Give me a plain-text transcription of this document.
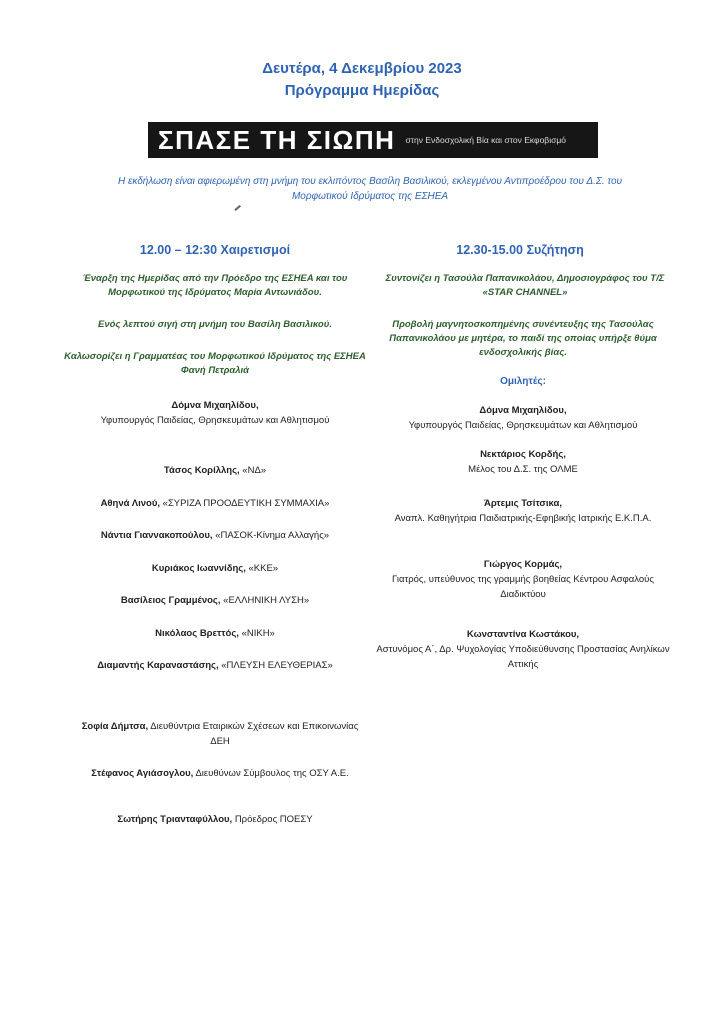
Δευτέρα, 4 Δεκεμβρίου 2023
Πρόγραμμα Ημερίδας
ΣΠΑΣΕ ΤΗ ΣΙΩΠΗ στην Ενδοσχολική Βία και στον Εκφοβισμό
Η εκδήλωση είναι αφιερωμένη στη μνήμη του εκλιπόντος Βασίλη Βασιλικού, εκλεγμένου Αντιπροέδρου του Δ.Σ. του Μορφωτικού Ιδρύματος της ΕΣΗΕΑ
12.00 – 12:30 Χαιρετισμοί	12.30-15.00 Συζήτηση
Έναρξη της Ημερίδας από την Πρόεδρο της ΕΣΗΕΑ και του Μορφωτικού της Ιδρύματος Μαρία Αντωνιάδου.
Ενός λεπτού σιγή στη μνήμη του Βασίλη Βασιλικού.
Καλωσορίζει η Γραμματέας του Μορφωτικού Ιδρύματος της ΕΣΗΕΑ Φανή Πετραλιά
Δόμνα Μιχαηλίδου,
Υφυπουργός Παιδείας, Θρησκευμάτων και Αθλητισμού
Τάσος Κορίλλης, «ΝΔ»
Αθηνά Λινού, «ΣΥΡΙΖΑ ΠΡΟΟΔΕΥΤΙΚΗ ΣΥΜΜΑΧΙΑ»
Νάντια Γιαννακοπούλου, «ΠΑΣΟΚ-Κίνημα Αλλαγής»
Κυριάκος Ιωαννίδης, «ΚΚΕ»
Βασίλειος Γραμμένος, «ΕΛΛΗΝΙΚΗ ΛΥΣΗ»
Νικόλαος Βρεττός, «ΝΙΚΗ»
Διαμαντής Καραναστάσης, «ΠΛΕΥΣΗ ΕΛΕΥΘΕΡΙΑΣ»
Σοφία Δήμτσα, Διευθύντρια Εταιρικών Σχέσεων και Επικοινωνίας ΔΕΗ
Στέφανος Αγιάσογλου, Διευθύνων Σύμβουλος της ΟΣΥ Α.Ε.
Σωτήρης Τριανταφύλλου, Πρόεδρος ΠΟΕΣΥ
Συντονίζει η Τασούλα Παπανικολάου, Δημοσιογράφος του Τ/Σ «STAR CHANNEL»
Προβολή μαγνητοσκοπημένης συνέντευξης της Τασούλας Παπανικολάου με μητέρα, το παιδί της οποίας υπήρξε θύμα ενδοσχολικής βίας.
Ομιλητές:
Δόμνα Μιχαηλίδου,
Υφυπουργός Παιδείας, Θρησκευμάτων και Αθλητισμού
Νεκτάριος Κορδής,
Μέλος του Δ.Σ. της ΟΛΜΕ
Άρτεμις Τσίτσικα,
Αναπλ. Καθηγήτρια Παιδιατρικής-Εφηβικής Ιατρικής Ε.Κ.Π.Α.
Γιώργος Κορμάς,
Γιατρός, υπεύθυνος της γραμμής βοηθείας Κέντρου Ασφαλούς Διαδικτύου
Κωνσταντίνα Κωστάκου,
Αστυνόμος Α΄, Δρ. Ψυχολογίας Υποδιεύθυνσης Προστασίας Ανηλίκων Αττικής
